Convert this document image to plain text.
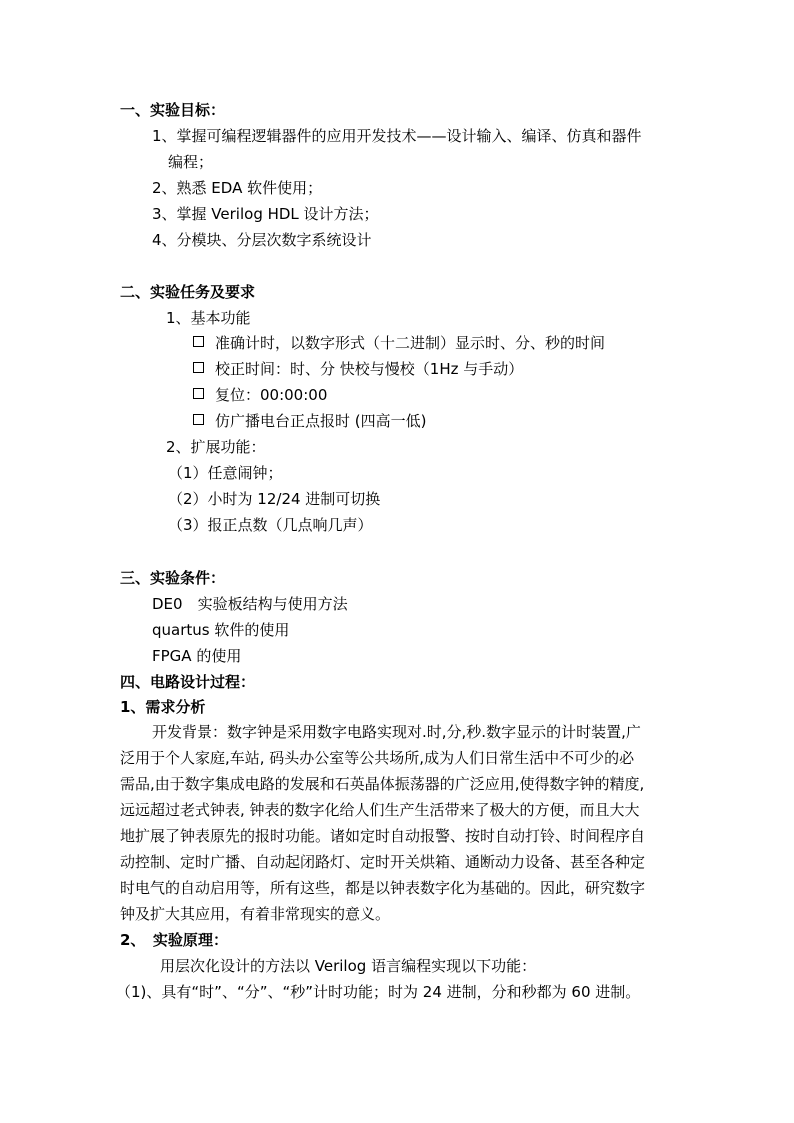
一、实验目标：
1、掌握可编程逻辑器件的应用开发技术——设计输入、编译、仿真和器件
编程；
2、熟悉 EDA 软件使用；
3、掌握 Verilog HDL 设计方法；
4、分模块、分层次数字系统设计
二、实验任务及要求
1、基本功能
准确计时，以数字形式（十二进制）显示时、分、秒的时间
校正时间：时、分 快校与慢校（1Hz 与手动）
复位：00:00:00
仿广播电台正点报时 (四高一低)
2、扩展功能：
（1）任意闹钟；
（2）小时为 12/24 进制可切换
（3）报正点数（几点响几声）
三、实验条件：
DE0　实验板结构与使用方法
quartus 软件的使用
FPGA 的使用
四、电路设计过程：
1、需求分析
开发背景：数字钟是采用数字电路实现对.时,分,秒.数字显示的计时装置,广
泛用于个人家庭,车站, 码头办公室等公共场所,成为人们日常生活中不可少的必
需品,由于数字集成电路的发展和石英晶体振荡器的广泛应用,使得数字钟的精度,
远远超过老式钟表, 钟表的数字化给人们生产生活带来了极大的方便，而且大大
地扩展了钟表原先的报时功能。诸如定时自动报警、按时自动打铃、时间程序自
动控制、定时广播、自动起闭路灯、定时开关烘箱、通断动力设备、甚至各种定
时电气的自动启用等，所有这些，都是以钟表数字化为基础的。因此，研究数字
钟及扩大其应用，有着非常现实的意义。
2、　实验原理：
用层次化设计的方法以 Verilog 语言编程实现以下功能：
（1)、具有“时”、“分”、“秒”计时功能；时为 24 进制，分和秒都为 60 进制。
